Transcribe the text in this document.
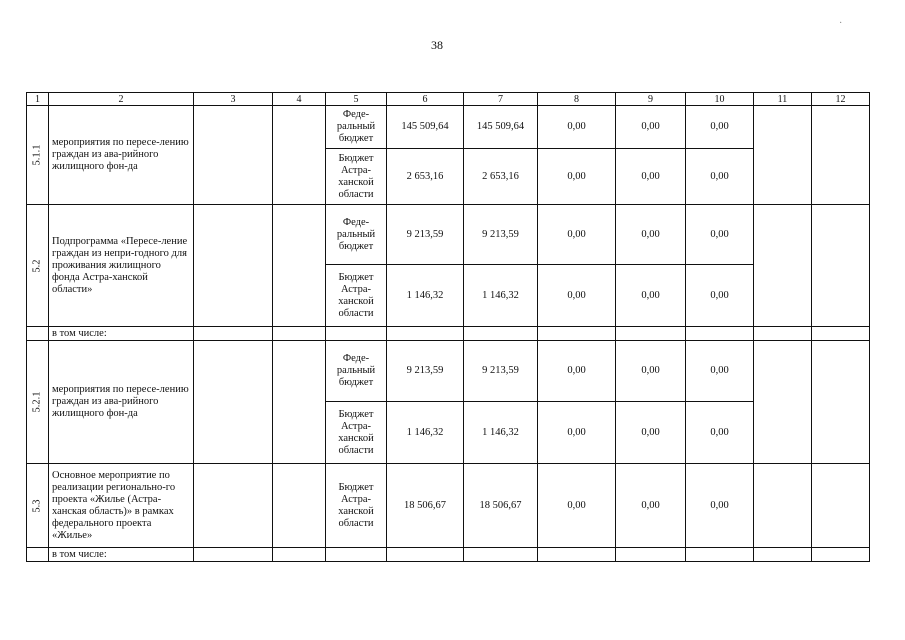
38
·
1	2	3	4	5	6	7	8	9	10	11	12
5.1.1	мероприятия по пересе-лению граждан из ава-рийного жилищного фон-да			Феде-ральный бюджет	145 509,64	145 509,64	0,00	0,00	0,00		
				Бюджет Астра-ханской области	2 653,16	2 653,16	0,00	0,00	0,00		
5.2	Подпрограмма «Пересе-ление граждан из непри-годного для проживания жилищного фонда Астра-ханской области»			Феде-ральный бюджет	9 213,59	9 213,59	0,00	0,00	0,00		
				Бюджет Астра-ханской области	1 146,32	1 146,32	0,00	0,00	0,00		
	в том числе:										
5.2.1	мероприятия по пересе-лению граждан из ава-рийного жилищного фон-да			Феде-ральный бюджет	9 213,59	9 213,59	0,00	0,00	0,00		
				Бюджет Астра-ханской области	1 146,32	1 146,32	0,00	0,00	0,00		
5.3	Основное мероприятие по реализации регионально-го проекта «Жилье (Астра-ханская область)» в рамках федерального проекта «Жилье»			Бюджет Астра-ханской области	18 506,67	18 506,67	0,00	0,00	0,00		
	в том числе:										
